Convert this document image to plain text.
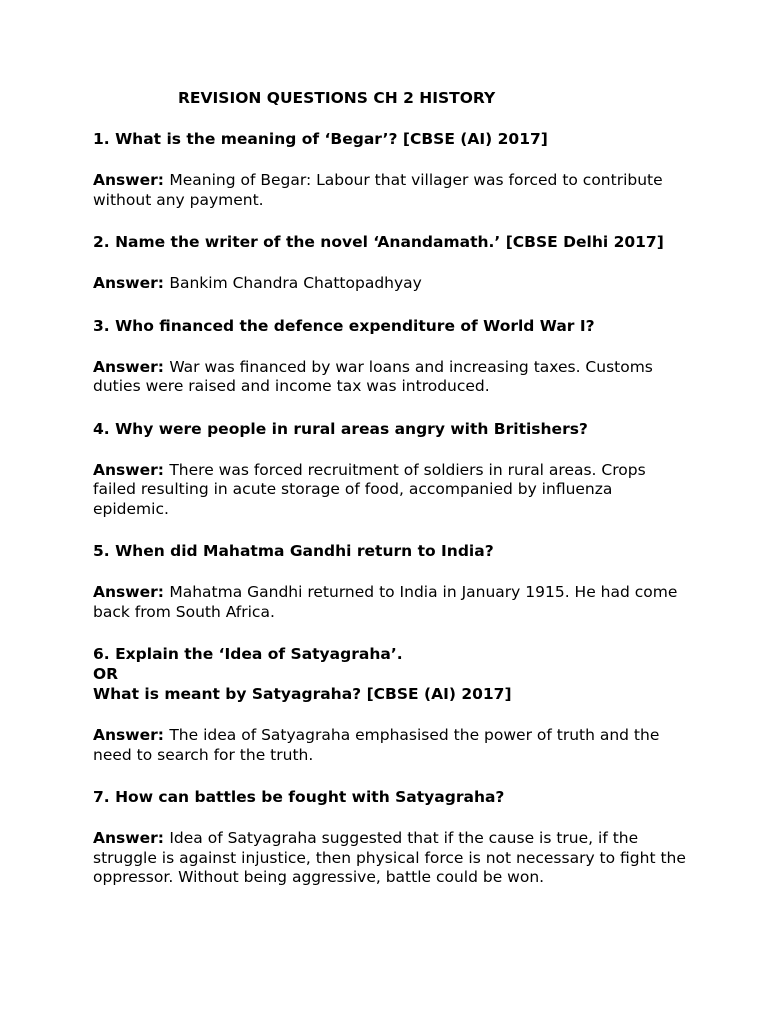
REVISION QUESTIONS CH 2 HISTORY
1. What is the meaning of ‘Begar’? [CBSE (AI) 2017]
Answer: Meaning of Begar: Labour that villager was forced to contribute without any payment.
2. Name the writer of the novel ‘Anandamath.’ [CBSE Delhi 2017]
Answer: Bankim Chandra Chattopadhyay
3. Who financed the defence expenditure of World War I?
Answer: War was financed by war loans and increasing taxes. Customs duties were raised and income tax was introduced.
4. Why were people in rural areas angry with Britishers?
Answer: There was forced recruitment of soldiers in rural areas. Crops failed resulting in acute storage of food, accompanied by influenza epidemic.
5. When did Mahatma Gandhi return to India?
Answer: Mahatma Gandhi returned to India in January 1915. He had come back from South Africa.
6. Explain the ‘Idea of Satyagraha’.
OR
What is meant by Satyagraha? [CBSE (AI) 2017]
Answer: The idea of Satyagraha emphasised the power of truth and the need to search for the truth.
7. How can battles be fought with Satyagraha?
Answer: Idea of Satyagraha suggested that if the cause is true, if the struggle is against injustice, then physical force is not necessary to fight the oppressor. Without being aggressive, battle could be won.
